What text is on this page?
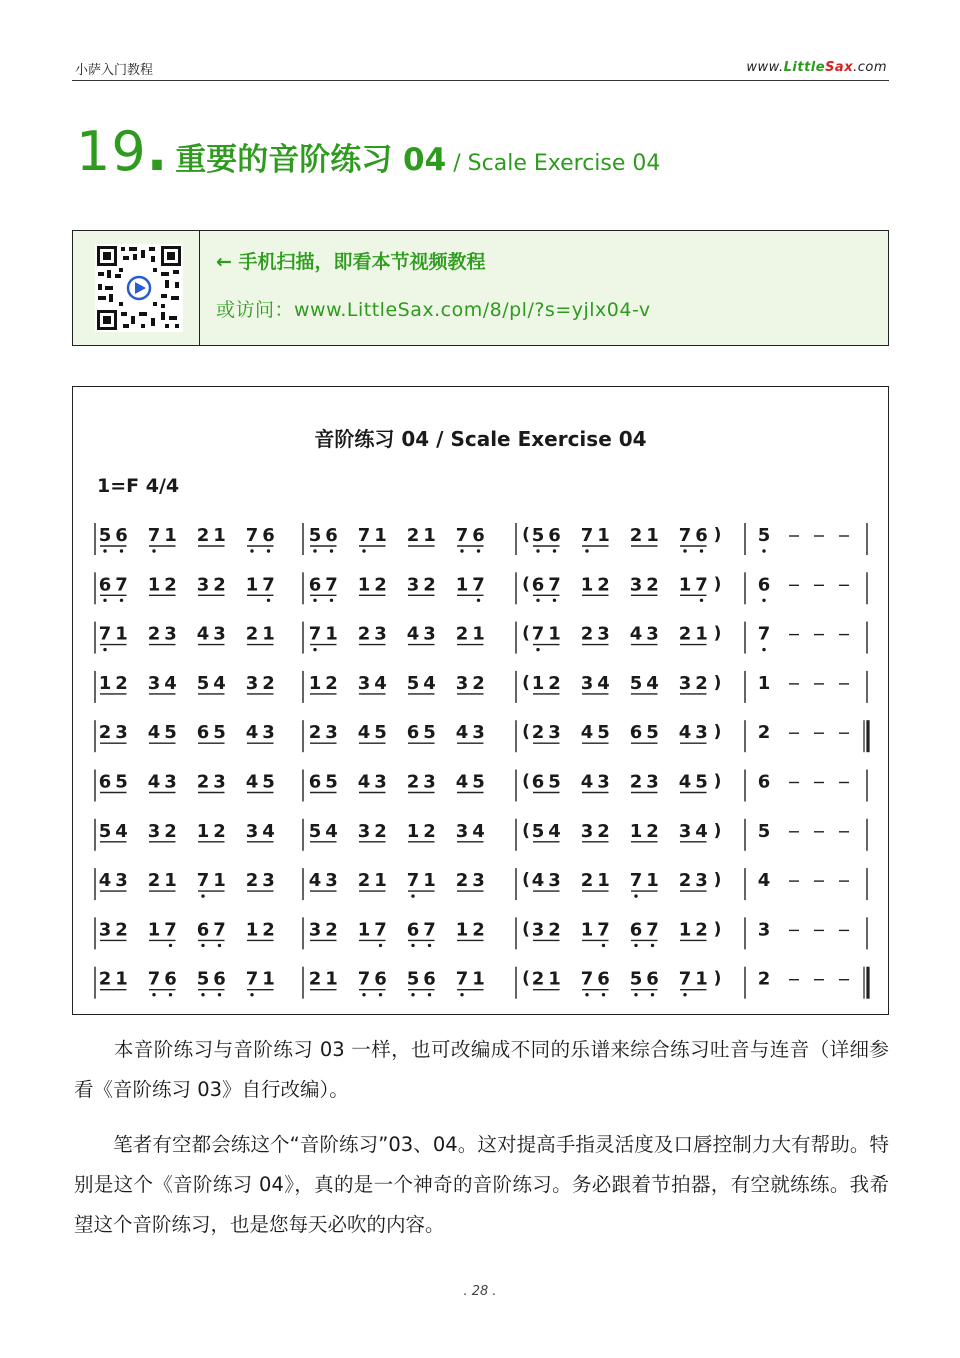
小萨入门教程	www.LittleSax.com
19. 重要的音阶练习 04 / Scale Exercise 04
← 手机扫描，即看本节视频教程
或访问：www.LittleSax.com/8/pl/?s=yjlx04-v
音阶练习 04 / Scale Exercise 04
1=F 4/4
5 6 7 1 2 1 7 6 5 6 7 1 2 1 7 6	5 6 7 1 2 1 7 6
(	) 5
6 7 1 2 3 2 1 7 6 7 1 2 3 2 1 7	6 7 1 2 3 2 1 7
(	) 6
7 1 2 3 4 3 2 1 7 1 2 3 4 3 2 1	7 1 2 3 4 3 2 1
(	) 7
1 2 3 4 5 4 3 2 1 2 3 4 5 4 3 2	1 2 3 4 5 4 3 2
(	) 1
2 3 4 5 6 5 4 3 2 3 4 5 6 5 4 3	2 3 4 5 6 5 4 3
(	) 2
6 5 4 3 2 3 4 5 6 5 4 3 2 3 4 5	6 5 4 3 2 3 4 5
(	) 6
5 4 3 2 1 2 3 4 5 4 3 2 1 2 3 4	5 4 3 2 1 2 3 4
(	) 5
4 3 2 1 7 1 2 3 4 3 2 1 7 1 2 3	4 3 2 1 7 1 2 3
(	) 4
3 2 1 7 6 7 1 2 3 2 1 7 6 7 1 2	3 2 1 7 6 7 1 2
(	) 3
2 1 7 6 5 6 7 1 2 1 7 6 5 6 7 1	2 1 7 6 5 6 7 1
(	) 2
　　本音阶练习与音阶练习 03 一样，也可改编成不同的乐谱来综合练习吐音与连音（详细参看《音阶练习 03》自行改编）。
　　笔者有空都会练这个“音阶练习”03、04。这对提高手指灵活度及口唇控制力大有帮助。特别是这个《音阶练习 04》，真的是一个神奇的音阶练习。务必跟着节拍器，有空就练练。我希望这个音阶练习，也是您每天必吹的内容。
. 28 .
